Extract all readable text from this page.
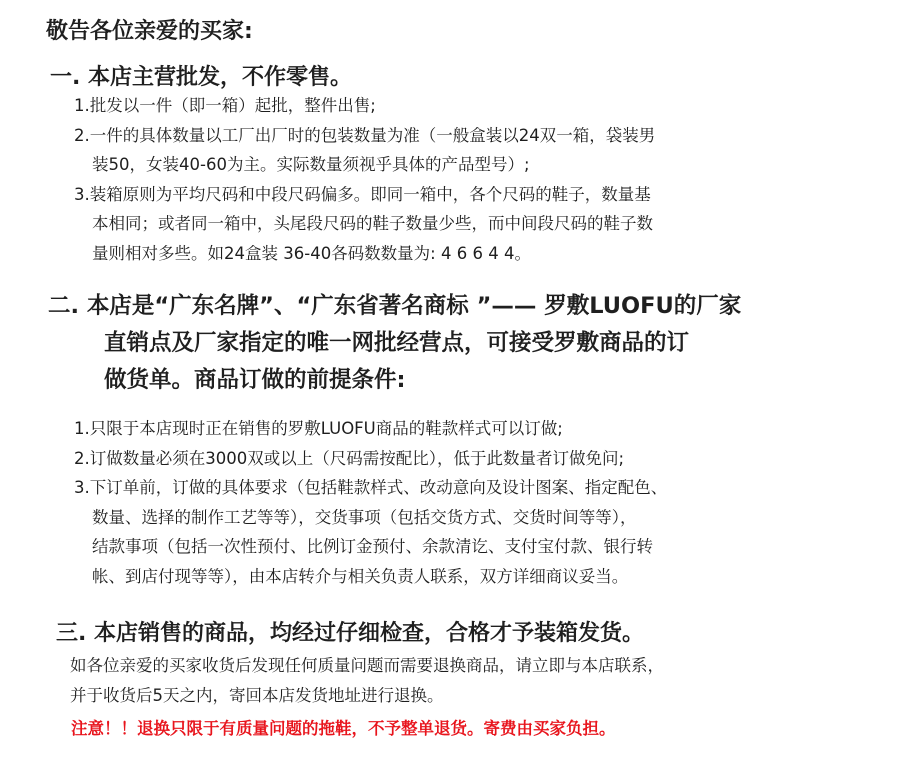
敬告各位亲爱的买家:
一. 本店主营批发，不作零售。
1.批发以一件（即一箱）起批，整件出售;
2.一件的具体数量以工厂出厂时的包装数量为准（一般盒装以24双一箱，袋装男
装50，女装40-60为主。实际数量须视乎具体的产品型号）;
3.装箱原则为平均尺码和中段尺码偏多。即同一箱中，各个尺码的鞋子，数量基
本相同；或者同一箱中，头尾段尺码的鞋子数量少些，而中间段尺码的鞋子数
量则相对多些。如24盒装 36-40各码数数量为: 4 6 6 4 4。
二. 本店是“广东名牌”、“广东省著名商标 ”—— 罗敷LUOFU的厂家
直销点及厂家指定的唯一网批经营点，可接受罗敷商品的订
做货单。商品订做的前提条件:
1.只限于本店现时正在销售的罗敷LUOFU商品的鞋款样式可以订做;
2.订做数量必须在3000双或以上（尺码需按配比），低于此数量者订做免问;
3.下订单前，订做的具体要求（包括鞋款样式、改动意向及设计图案、指定配色、
数量、选择的制作工艺等等），交货事项（包括交货方式、交货时间等等），
结款事项（包括一次性预付、比例订金预付、余款清讫、支付宝付款、银行转
帐、到店付现等等），由本店转介与相关负责人联系，双方详细商议妥当。
三. 本店销售的商品，均经过仔细检查，合格才予装箱发货。
如各位亲爱的买家收货后发现任何质量问题而需要退换商品，请立即与本店联系，
并于收货后5天之内，寄回本店发货地址进行退换。
注意！！退换只限于有质量问题的拖鞋，不予整单退货。寄费由买家负担。
